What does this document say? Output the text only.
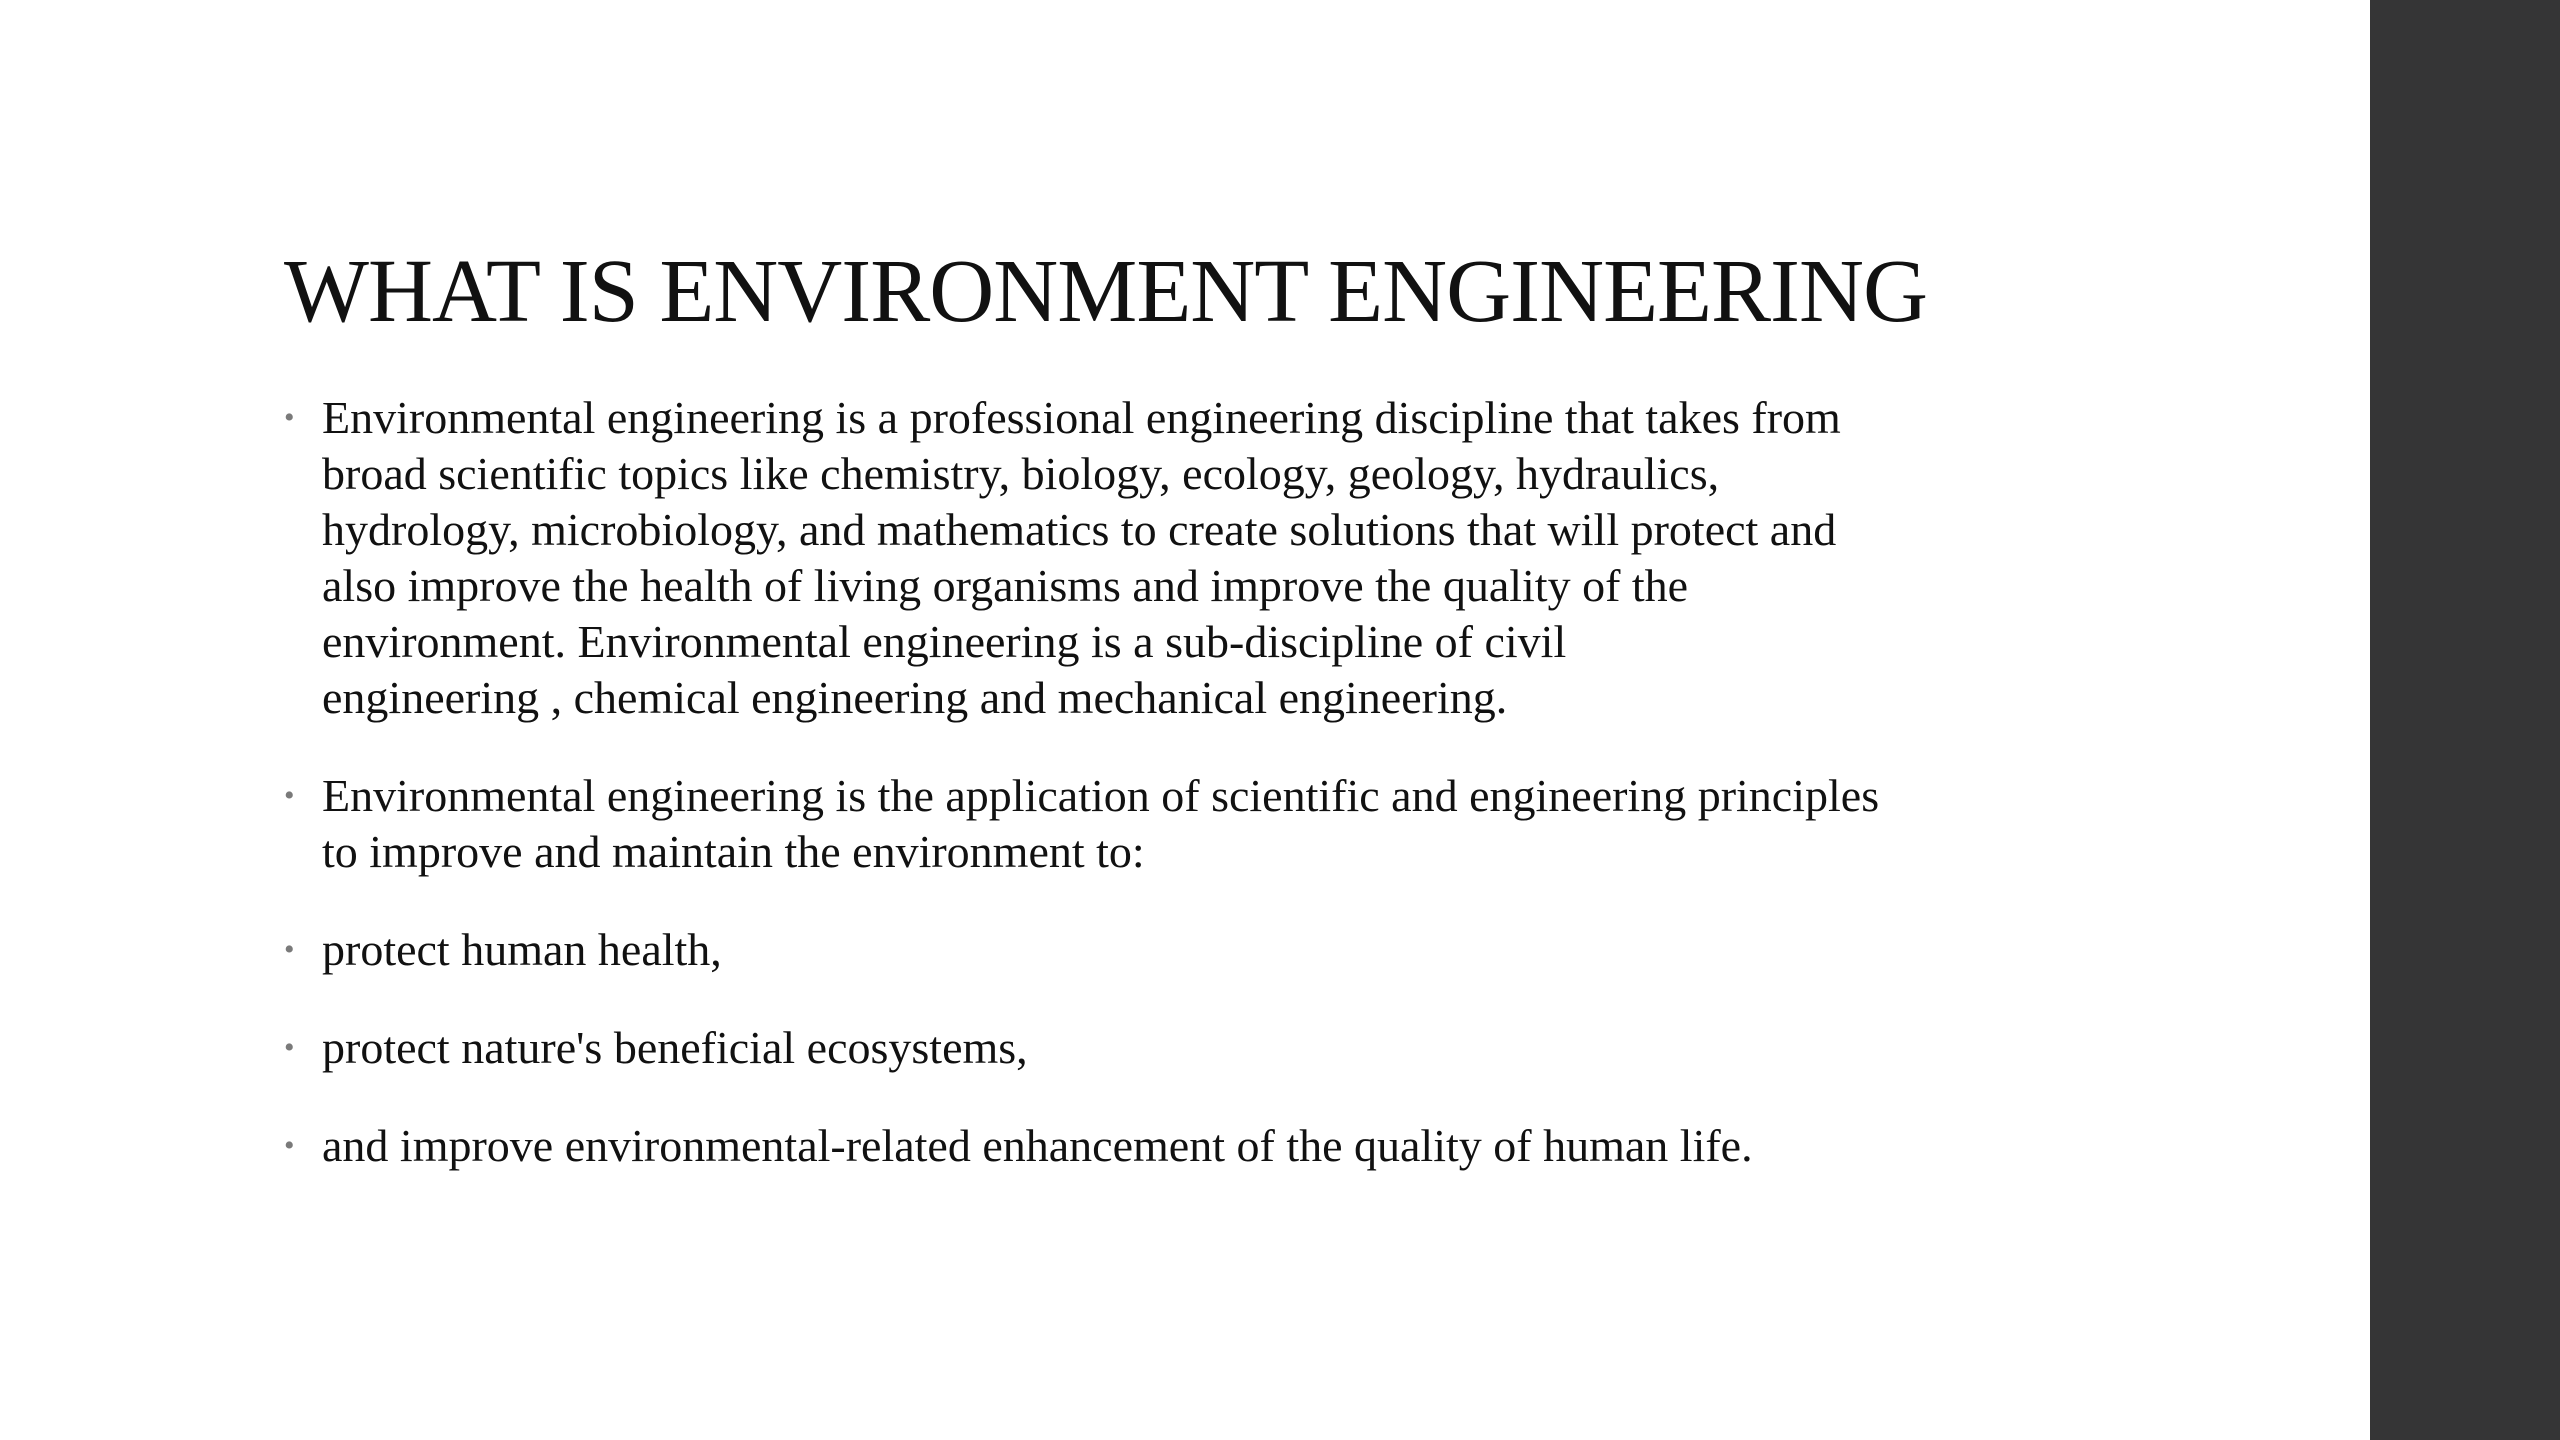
WHAT IS ENVIRONMENT ENGINEERING
• Environmental engineering is a professional engineering discipline that takes from
broad scientific topics like chemistry, biology, ecology, geology, hydraulics,
hydrology, microbiology, and mathematics to create solutions that will protect and
also improve the health of living organisms and improve the quality of the
environment. Environmental engineering is a sub-discipline of civil
engineering , chemical engineering and mechanical engineering.
• Environmental engineering is the application of scientific and engineering principles
to improve and maintain the environment to:
• protect human health,
• protect nature's beneficial ecosystems,
• and improve environmental-related enhancement of the quality of human life.
